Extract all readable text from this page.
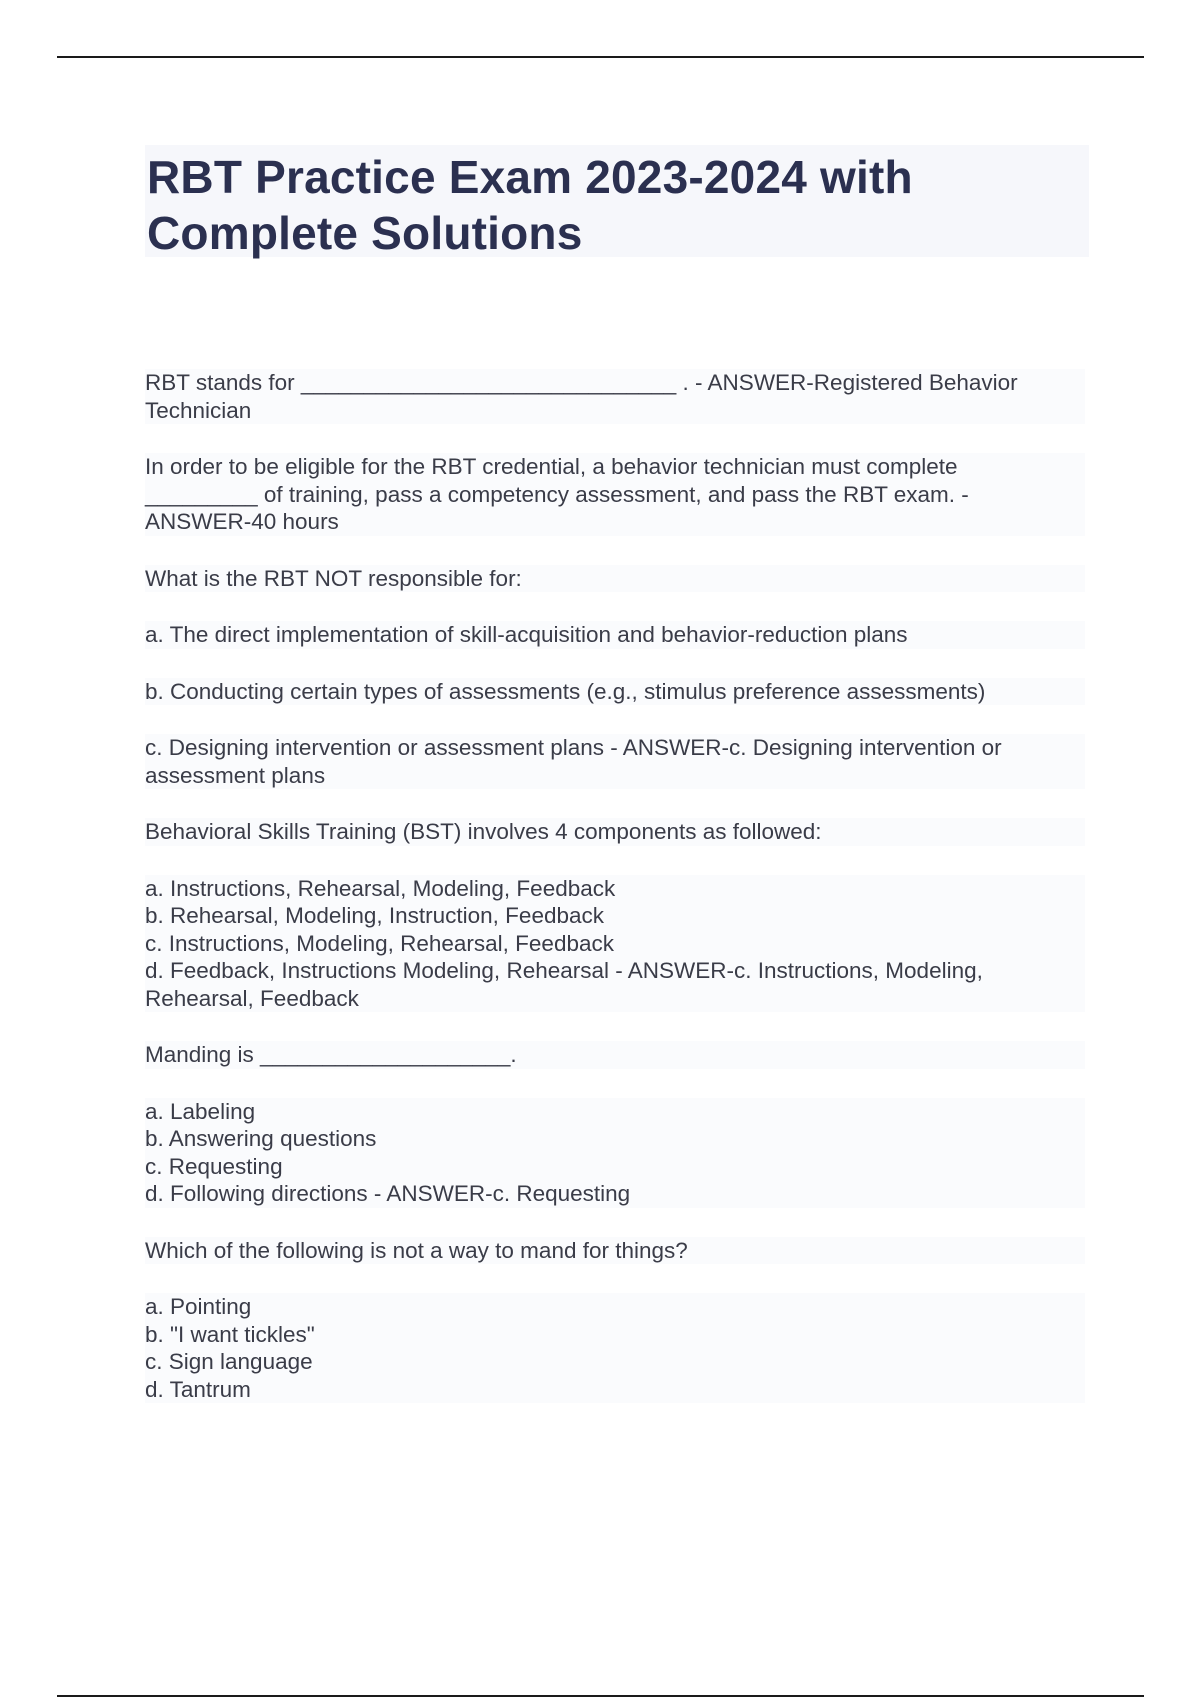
RBT Practice Exam 2023-2024 with
Complete Solutions

RBT stands for ______________________________ . - ANSWER-Registered Behavior
Technician

In order to be eligible for the RBT credential, a behavior technician must complete
_________ of training, pass a competency assessment, and pass the RBT exam. -
ANSWER-40 hours

What is the RBT NOT responsible for:

a. The direct implementation of skill-acquisition and behavior-reduction plans

b. Conducting certain types of assessments (e.g., stimulus preference assessments)

c. Designing intervention or assessment plans - ANSWER-c. Designing intervention or
assessment plans

Behavioral Skills Training (BST) involves 4 components as followed:

a. Instructions, Rehearsal, Modeling, Feedback
b. Rehearsal, Modeling, Instruction, Feedback
c. Instructions, Modeling, Rehearsal, Feedback
d. Feedback, Instructions Modeling, Rehearsal - ANSWER-c. Instructions, Modeling,
Rehearsal, Feedback

Manding is ____________________.

a. Labeling
b. Answering questions
c. Requesting
d. Following directions - ANSWER-c. Requesting

Which of the following is not a way to mand for things?

a. Pointing
b. "I want tickles"
c. Sign language
d. Tantrum
